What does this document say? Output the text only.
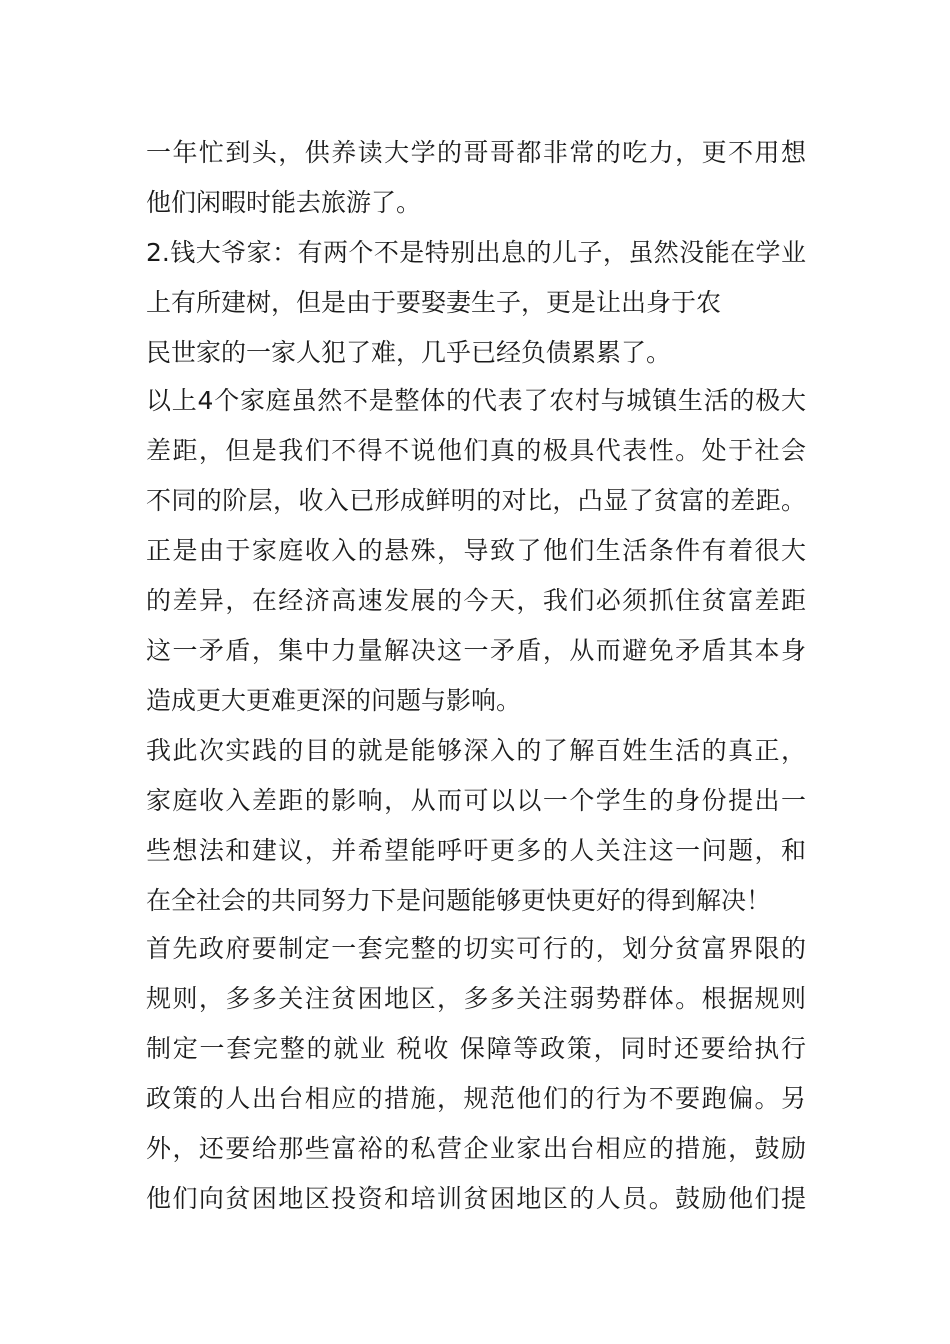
一年忙到头，供养读大学的哥哥都非常的吃力，更不用想
他们闲暇时能去旅游了。
2.钱大爷家：有两个不是特别出息的儿子，虽然没能在学业
上有所建树，但是由于要娶妻生子，更是让出身于农
民世家的一家人犯了难，几乎已经负债累累了。
以上4个家庭虽然不是整体的代表了农村与城镇生活的极大
差距，但是我们不得不说他们真的极具代表性。处于社会
不同的阶层，收入已形成鲜明的对比，凸显了贫富的差距。
正是由于家庭收入的悬殊，导致了他们生活条件有着很大
的差异，在经济高速发展的今天，我们必须抓住贫富差距
这一矛盾，集中力量解决这一矛盾，从而避免矛盾其本身
造成更大更难更深的问题与影响。
我此次实践的目的就是能够深入的了解百姓生活的真正，
家庭收入差距的影响，从而可以以一个学生的身份提出一
些想法和建议，并希望能呼吁更多的人关注这一问题，和
在全社会的共同努力下是问题能够更快更好的得到解决！
首先政府要制定一套完整的切实可行的，划分贫富界限的
规则，多多关注贫困地区，多多关注弱势群体。根据规则
制定一套完整的就业 税收 保障等政策，同时还要给执行
政策的人出台相应的措施，规范他们的行为不要跑偏。另
外，还要给那些富裕的私营企业家出台相应的措施，鼓励
他们向贫困地区投资和培训贫困地区的人员。鼓励他们提
